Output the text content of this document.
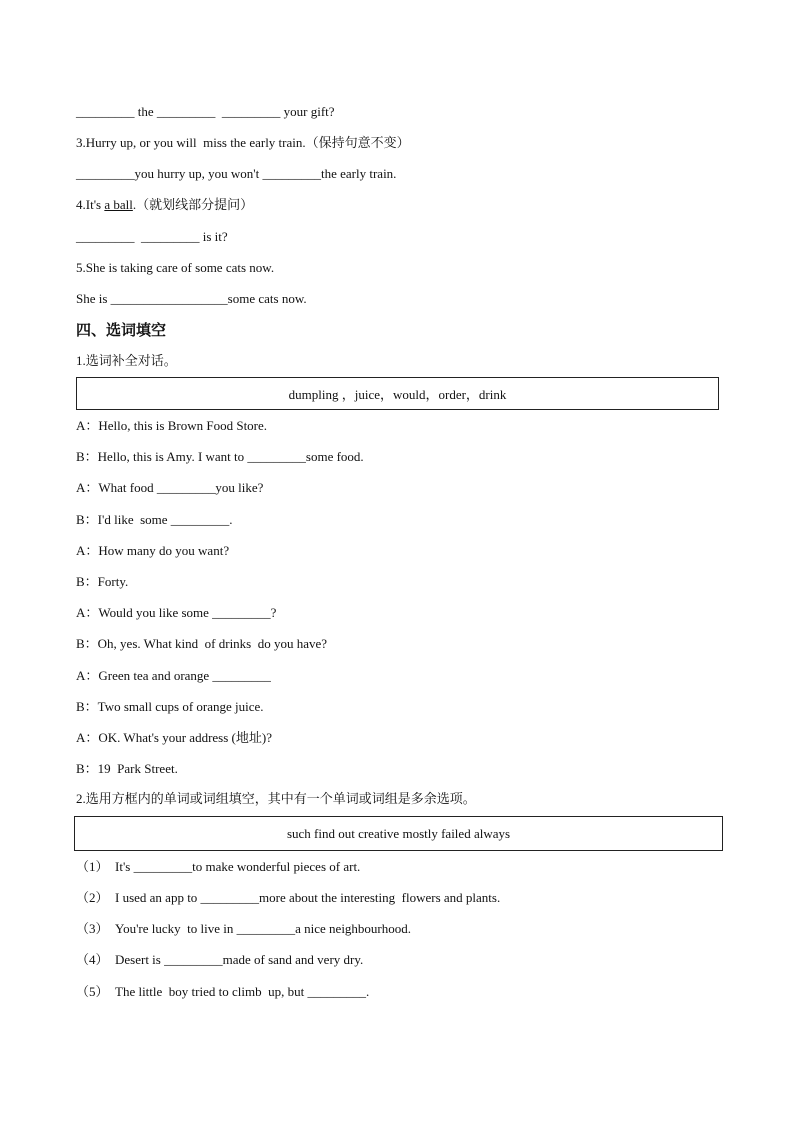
_________ the _________  _________ your gift?
3.Hurry up, or you will  miss the early train.（保持句意不变）
_________you hurry up, you won't _________the early train.
4.It's a ball.（就划线部分提问）
_________  _________ is it?
5.She is taking care of some cats now.
She is __________________some cats now.
四、选词填空
1.选词补全对话。
dumpling ，juice，would，order，drink
A：Hello, this is Brown Food Store.
B：Hello, this is Amy. I want to _________some food.
A：What food _________you like?
B：I'd like  some _________.
A：How many do you want?
B：Forty.
A：Would you like some _________?
B：Oh, yes. What kind  of drinks  do you have?
A：Green tea and orange _________
B：Two small cups of orange juice.
A：OK. What's your address (地址)?
B：19  Park Street.
2.选用方框内的单词或词组填空，其中有一个单词或词组是多余选项。
such find out creative mostly failed always
（1）  It's _________to make wonderful pieces of art.
（2）  I used an app to _________more about the interesting  flowers and plants.
（3）  You're lucky  to live in _________a nice neighbourhood.
（4）  Desert is _________made of sand and very dry.
（5）  The little  boy tried to climb  up, but _________.
